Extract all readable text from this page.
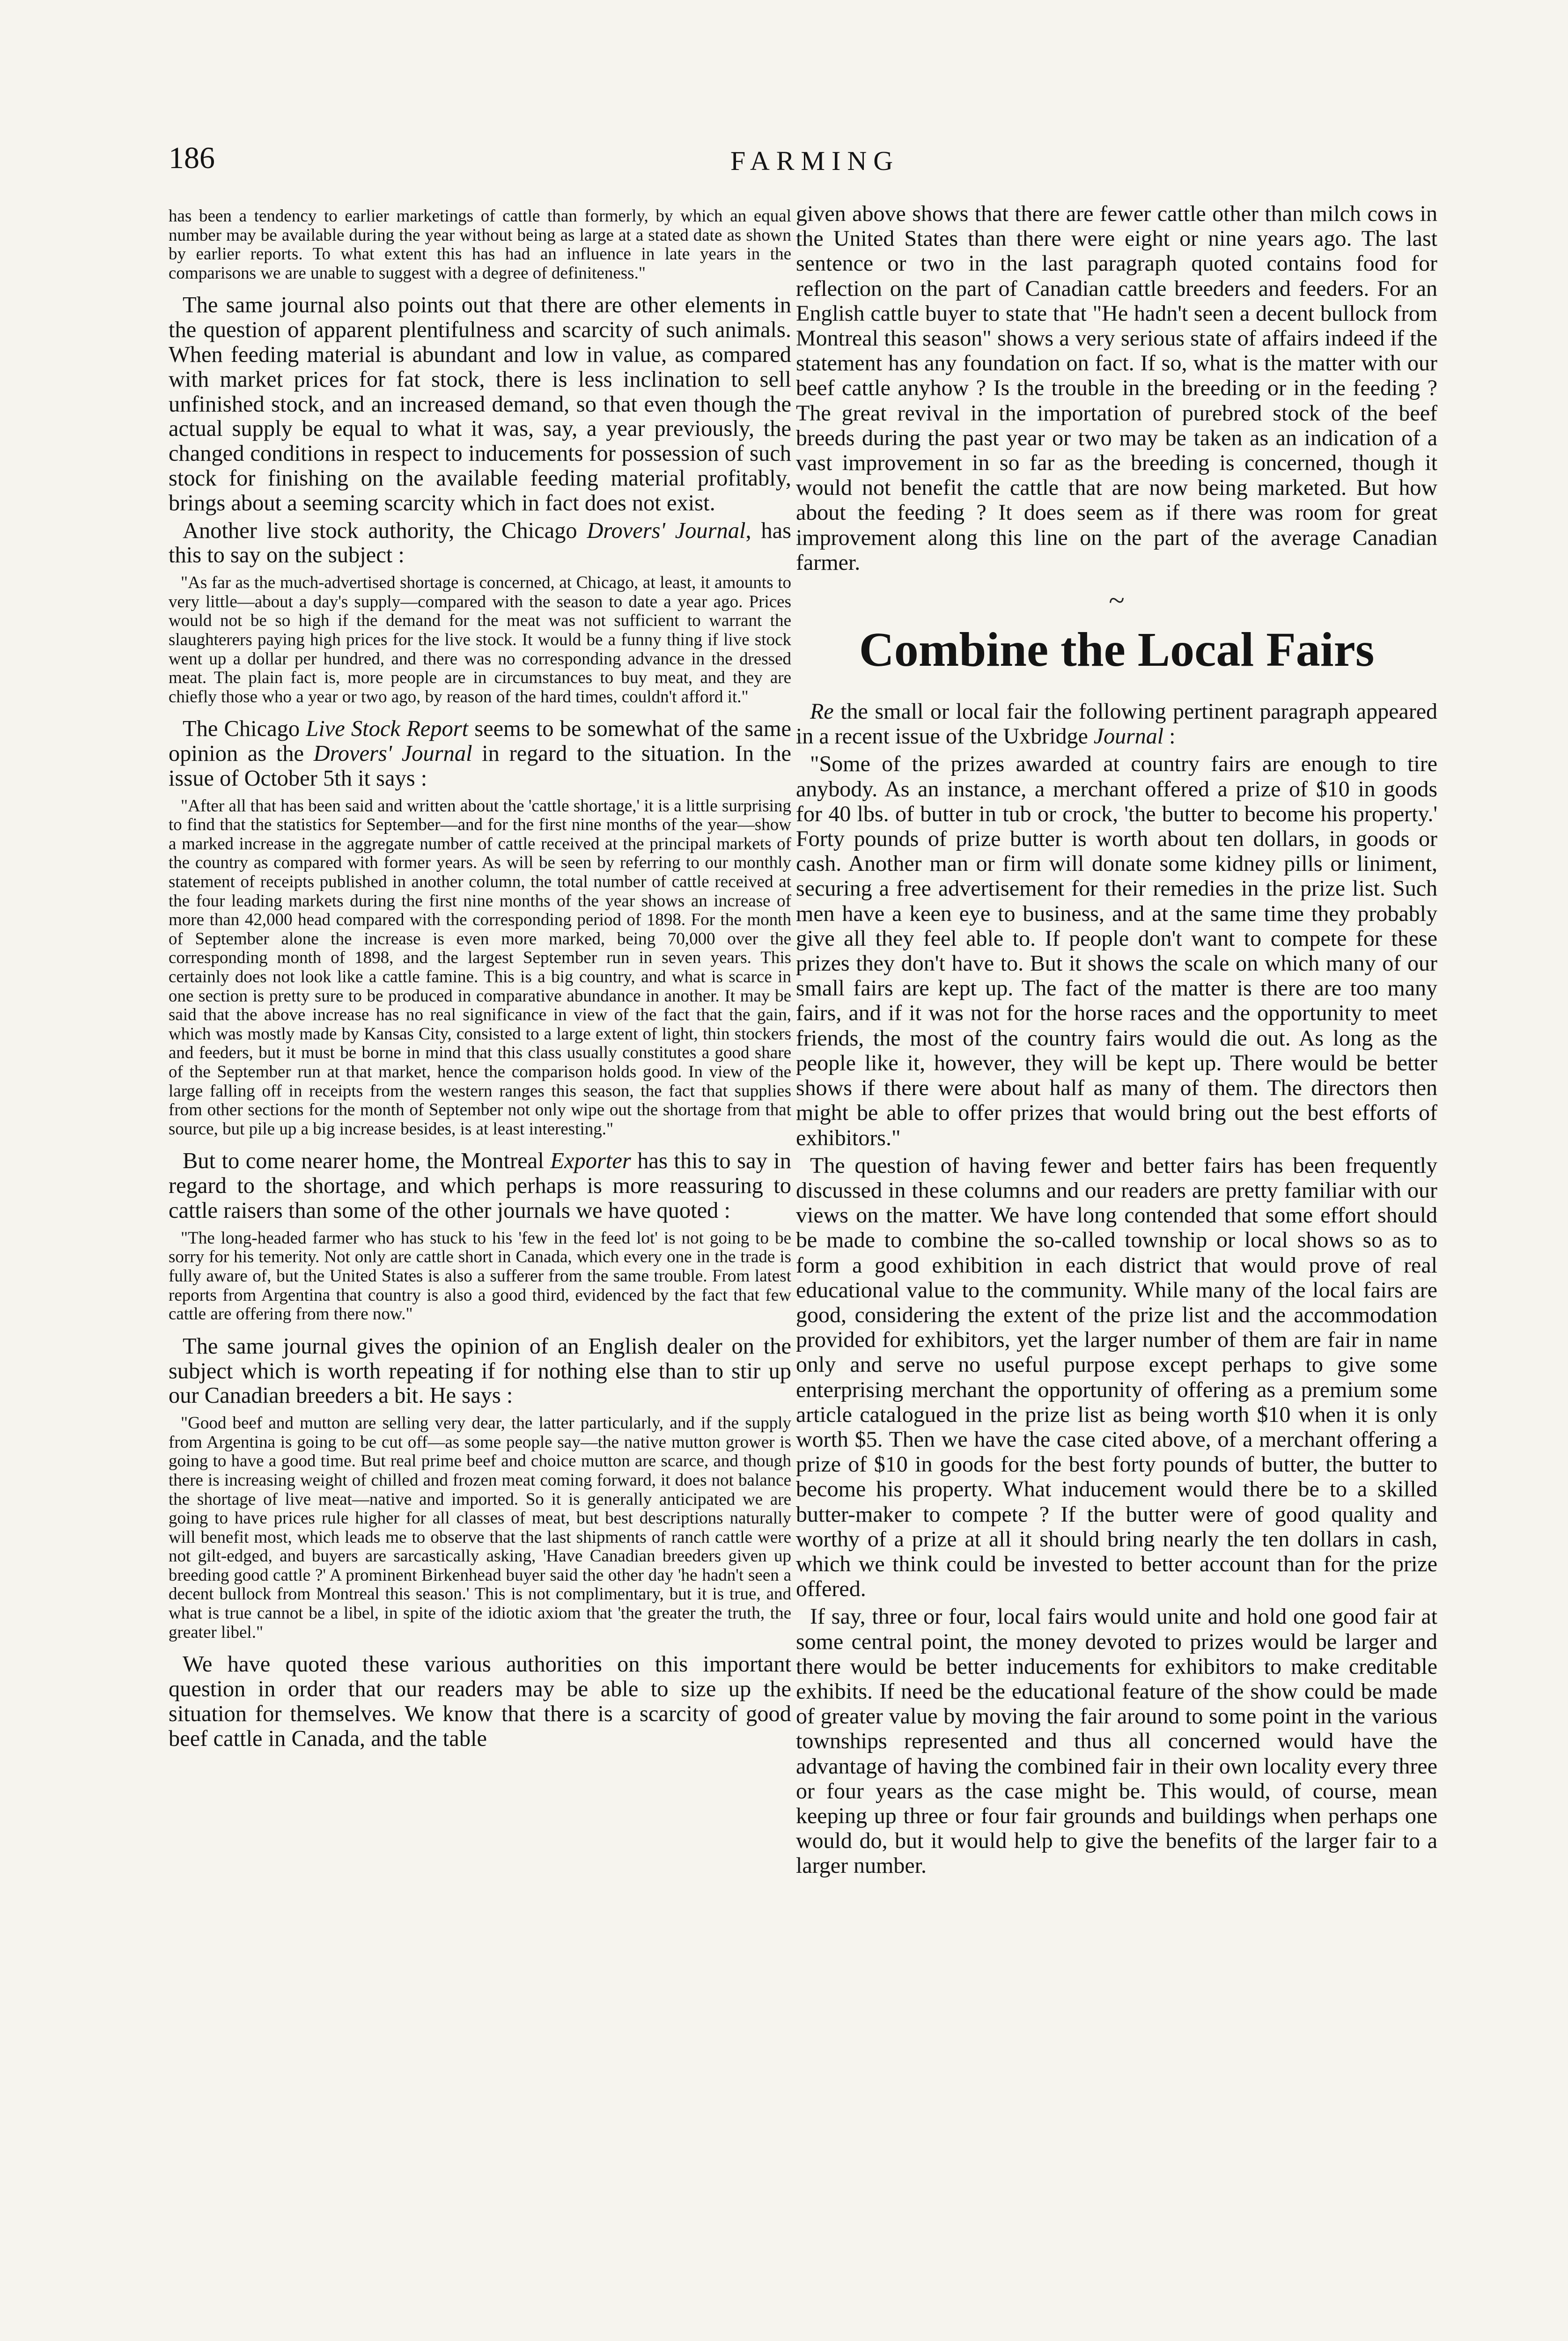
186	FARMING

has been a tendency to earlier marketings of cattle than formerly, by which an equal number may be available during the year without being as large at a stated date as shown by earlier reports. To what extent this has had an influence in late years in the comparisons we are unable to suggest with a degree of definiteness."

The same journal also points out that there are other elements in the question of apparent plentifulness and scarcity of such animals. When feeding material is abundant and low in value, as compared with market prices for fat stock, there is less inclination to sell unfinished stock, and an increased demand, so that even though the actual supply be equal to what it was, say, a year previously, the changed conditions in respect to inducements for possession of such stock for finishing on the available feeding material profitably, brings about a seeming scarcity which in fact does not exist.

Another live stock authority, the Chicago Drovers' Journal, has this to say on the subject :

"As far as the much-advertised shortage is concerned, at Chicago, at least, it amounts to very little—about a day's supply—compared with the season to date a year ago. Prices would not be so high if the demand for the meat was not sufficient to warrant the slaughterers paying high prices for the live stock. It would be a funny thing if live stock went up a dollar per hundred, and there was no corresponding advance in the dressed meat. The plain fact is, more people are in circumstances to buy meat, and they are chiefly those who a year or two ago, by reason of the hard times, couldn't afford it."

The Chicago Live Stock Report seems to be somewhat of the same opinion as the Drovers' Journal in regard to the situation. In the issue of October 5th it says :

"After all that has been said and written about the 'cattle shortage,' it is a little surprising to find that the statistics for September—and for the first nine months of the year—show a marked increase in the aggregate number of cattle received at the principal markets of the country as compared with former years. As will be seen by referring to our monthly statement of receipts published in another column, the total number of cattle received at the four leading markets during the first nine months of the year shows an increase of more than 42,000 head compared with the corresponding period of 1898. For the month of September alone the increase is even more marked, being 70,000 over the corresponding month of 1898, and the largest September run in seven years. This certainly does not look like a cattle famine. This is a big country, and what is scarce in one section is pretty sure to be produced in comparative abundance in another. It may be said that the above increase has no real significance in view of the fact that the gain, which was mostly made by Kansas City, consisted to a large extent of light, thin stockers and feeders, but it must be borne in mind that this class usually constitutes a good share of the September run at that market, hence the comparison holds good. In view of the large falling off in receipts from the western ranges this season, the fact that supplies from other sections for the month of September not only wipe out the shortage from that source, but pile up a big increase besides, is at least interesting."

But to come nearer home, the Montreal Exporter has this to say in regard to the shortage, and which perhaps is more reassuring to cattle raisers than some of the other journals we have quoted :

"The long-headed farmer who has stuck to his 'few in the feed lot' is not going to be sorry for his temerity. Not only are cattle short in Canada, which every one in the trade is fully aware of, but the United States is also a sufferer from the same trouble. From latest reports from Argentina that country is also a good third, evidenced by the fact that few cattle are offering from there now."

The same journal gives the opinion of an English dealer on the subject which is worth repeating if for nothing else than to stir up our Canadian breeders a bit. He says :

"Good beef and mutton are selling very dear, the latter particularly, and if the supply from Argentina is going to be cut off—as some people say—the native mutton grower is going to have a good time. But real prime beef and choice mutton are scarce, and though there is increasing weight of chilled and frozen meat coming forward, it does not balance the shortage of live meat—native and imported. So it is generally anticipated we are going to have prices rule higher for all classes of meat, but best descriptions naturally will benefit most, which leads me to observe that the last shipments of ranch cattle were not gilt-edged, and buyers are sarcastically asking, 'Have Canadian breeders given up breeding good cattle ?' A prominent Birkenhead buyer said the other day 'he hadn't seen a decent bullock from Montreal this season.' This is not complimentary, but it is true, and what is true cannot be a libel, in spite of the idiotic axiom that 'the greater the truth, the greater libel."

We have quoted these various authorities on this important question in order that our readers may be able to size up the situation for themselves. We know that there is a scarcity of good beef cattle in Canada, and the table

given above shows that there are fewer cattle other than milch cows in the United States than there were eight or nine years ago. The last sentence or two in the last paragraph quoted contains food for reflection on the part of Canadian cattle breeders and feeders. For an English cattle buyer to state that "He hadn't seen a decent bullock from Montreal this season" shows a very serious state of affairs indeed if the statement has any foundation on fact. If so, what is the matter with our beef cattle anyhow ? Is the trouble in the breeding or in the feeding ? The great revival in the importation of purebred stock of the beef breeds during the past year or two may be taken as an indication of a vast improvement in so far as the breeding is concerned, though it would not benefit the cattle that are now being marketed. But how about the feeding ? It does seem as if there was room for great improvement along this line on the part of the average Canadian farmer.

~
Combine the Local Fairs

Re the small or local fair the following pertinent paragraph appeared in a recent issue of the Uxbridge Journal :

"Some of the prizes awarded at country fairs are enough to tire anybody. As an instance, a merchant offered a prize of $10 in goods for 40 lbs. of butter in tub or crock, 'the butter to become his property.' Forty pounds of prize butter is worth about ten dollars, in goods or cash. Another man or firm will donate some kidney pills or liniment, securing a free advertisement for their remedies in the prize list. Such men have a keen eye to business, and at the same time they probably give all they feel able to. If people don't want to compete for these prizes they don't have to. But it shows the scale on which many of our small fairs are kept up. The fact of the matter is there are too many fairs, and if it was not for the horse races and the opportunity to meet friends, the most of the country fairs would die out. As long as the people like it, however, they will be kept up. There would be better shows if there were about half as many of them. The directors then might be able to offer prizes that would bring out the best efforts of exhibitors."

The question of having fewer and better fairs has been frequently discussed in these columns and our readers are pretty familiar with our views on the matter. We have long contended that some effort should be made to combine the so-called township or local shows so as to form a good exhibition in each district that would prove of real educational value to the community. While many of the local fairs are good, considering the extent of the prize list and the accommodation provided for exhibitors, yet the larger number of them are fair in name only and serve no useful purpose except perhaps to give some enterprising merchant the opportunity of offering as a premium some article catalogued in the prize list as being worth $10 when it is only worth $5. Then we have the case cited above, of a merchant offering a prize of $10 in goods for the best forty pounds of butter, the butter to become his property. What inducement would there be to a skilled butter-maker to compete ? If the butter were of good quality and worthy of a prize at all it should bring nearly the ten dollars in cash, which we think could be invested to better account than for the prize offered.

If say, three or four, local fairs would unite and hold one good fair at some central point, the money devoted to prizes would be larger and there would be better inducements for exhibitors to make creditable exhibits. If need be the educational feature of the show could be made of greater value by moving the fair around to some point in the various townships represented and thus all concerned would have the advantage of having the combined fair in their own locality every three or four years as the case might be. This would, of course, mean keeping up three or four fair grounds and buildings when perhaps one would do, but it would help to give the benefits of the larger fair to a larger number.
